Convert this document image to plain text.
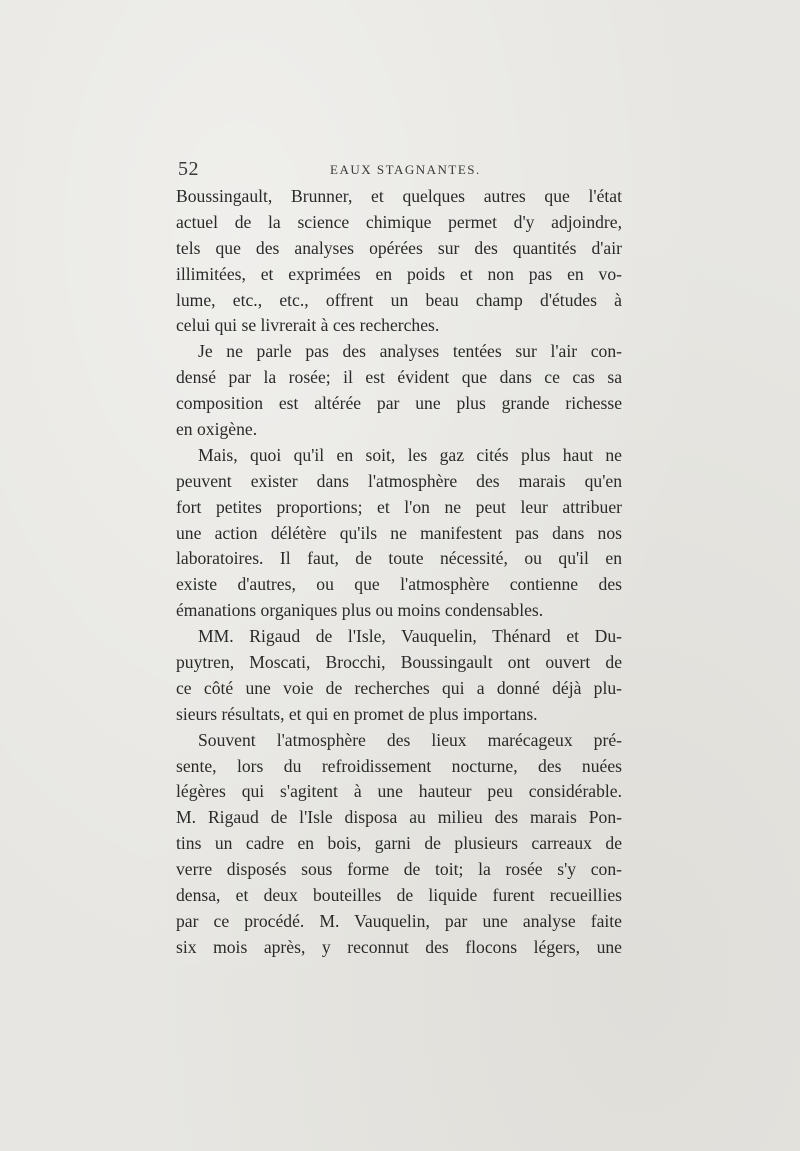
52	EAUX STAGNANTES.
Boussingault, Brunner, et quelques autres que l'état
actuel de la science chimique permet d'y adjoindre,
tels que des analyses opérées sur des quantités d'air
illimitées, et exprimées en poids et non pas en vo-
lume, etc., etc., offrent un beau champ d'études à
celui qui se livrerait à ces recherches.
Je ne parle pas des analyses tentées sur l'air con-
densé par la rosée; il est évident que dans ce cas sa
composition est altérée par une plus grande richesse
en oxigène.
Mais, quoi qu'il en soit, les gaz cités plus haut ne
peuvent exister dans l'atmosphère des marais qu'en
fort petites proportions; et l'on ne peut leur attribuer
une action délétère qu'ils ne manifestent pas dans nos
laboratoires. Il faut, de toute nécessité, ou qu'il en
existe d'autres, ou que l'atmosphère contienne des
émanations organiques plus ou moins condensables.
MM. Rigaud de l'Isle, Vauquelin, Thénard et Du-
puytren, Moscati, Brocchi, Boussingault ont ouvert de
ce côté une voie de recherches qui a donné déjà plu-
sieurs résultats, et qui en promet de plus importans.
Souvent l'atmosphère des lieux marécageux pré-
sente, lors du refroidissement nocturne, des nuées
légères qui s'agitent à une hauteur peu considérable.
M. Rigaud de l'Isle disposa au milieu des marais Pon-
tins un cadre en bois, garni de plusieurs carreaux de
verre disposés sous forme de toit; la rosée s'y con-
densa, et deux bouteilles de liquide furent recueillies
par ce procédé. M. Vauquelin, par une analyse faite
six mois après, y reconnut des flocons légers, une
